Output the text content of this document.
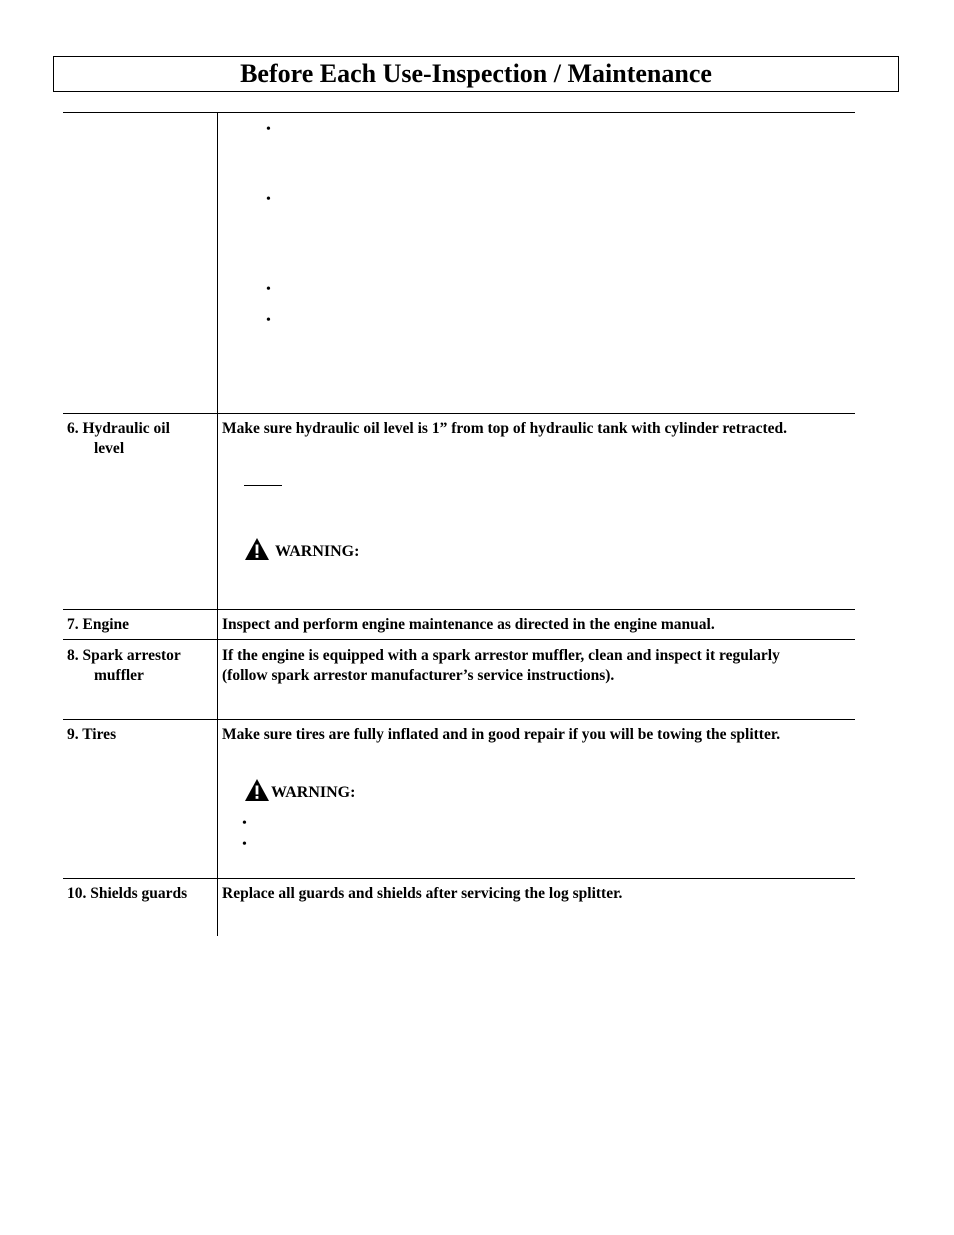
Before Each Use-Inspection / Maintenance
•
•
•
•
6. Hydraulic oil
level
Make sure hydraulic oil level is 1” from top of hydraulic tank with cylinder retracted.
WARNING:
7. Engine	Inspect and perform engine maintenance as directed in the engine manual.
8. Spark arrestor
muffler
If the engine is equipped with a spark arrestor muffler, clean and inspect it regularly
(follow spark arrestor manufacturer’s service instructions).
9. Tires	Make sure tires are fully inflated and in good repair if you will be towing the splitter.
WARNING:
•
•
10. Shields guards Replace all guards and shields after servicing the log splitter.
